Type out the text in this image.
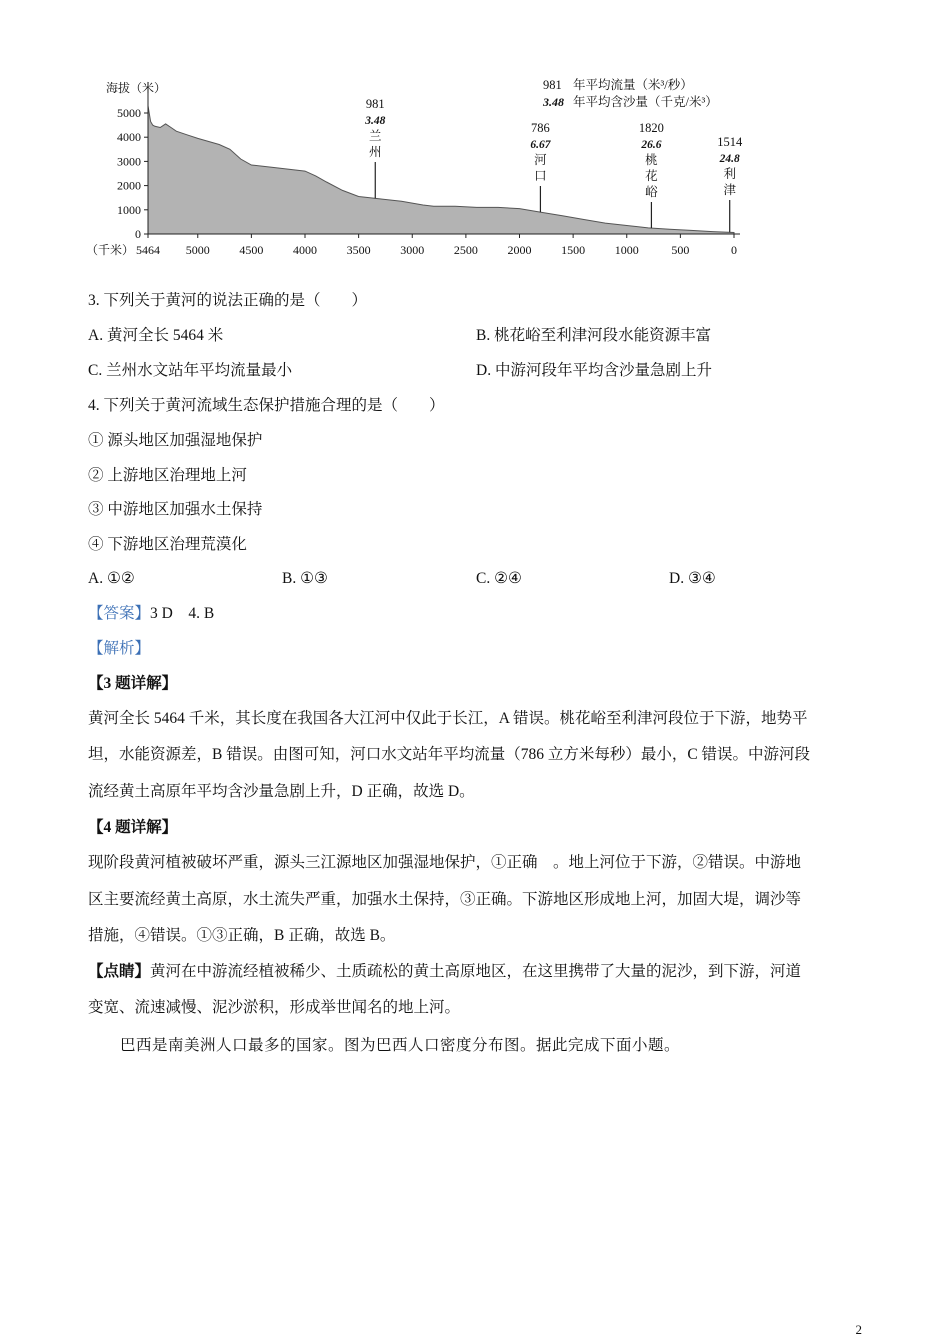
5000
4000
3000
2000
1000
0
海拔（米）
5464 5000 4500 4000 3500 3000 2500 2000 1500 1000	500	0
（千米）
981 年平均流量（米³/秒）
3.48 年平均含沙量（千克/米³）
981
3.48
兰州
786
6.67
河口
1820
26.6
桃花峪
1514
24.8
利津
3. 下列关于黄河的说法正确的是（　　）
A. 黄河全长 5464 米	B. 桃花峪至利津河段水能资源丰富
C. 兰州水文站年平均流量最小	D. 中游河段年平均含沙量急剧上升
4. 下列关于黄河流域生态保护措施合理的是（　　）
① 源头地区加强湿地保护
② 上游地区治理地上河
③ 中游地区加强水土保持
④ 下游地区治理荒漠化
A. ①②	B. ①③	C. ②④	D. ③④
【答案】3 D　4. B
【解析】
【3 题详解】
黄河全长 5464 千米，其长度在我国各大江河中仅此于长江，A 错误。桃花峪至利津河段位于下游，地势平
坦，水能资源差，B 错误。由图可知，河口水文站年平均流量（786 立方米每秒）最小，C 错误。中游河段
流经黄土高原年平均含沙量急剧上升，D 正确，故选 D。
【4 题详解】
现阶段黄河植被破坏严重，源头三江源地区加强湿地保护，①正确　。地上河位于下游，②错误。中游地
区主要流经黄土高原，水土流失严重，加强水土保持，③正确。下游地区形成地上河，加固大堤，调沙等
措施，④错误。①③正确，B 正确，故选 B。
【点睛】黄河在中游流经植被稀少、土质疏松的黄土高原地区，在这里携带了大量的泥沙，到下游，河道
变宽、流速减慢、泥沙淤积，形成举世闻名的地上河。
巴西是南美洲人口最多的国家。图为巴西人口密度分布图。据此完成下面小题。
2
